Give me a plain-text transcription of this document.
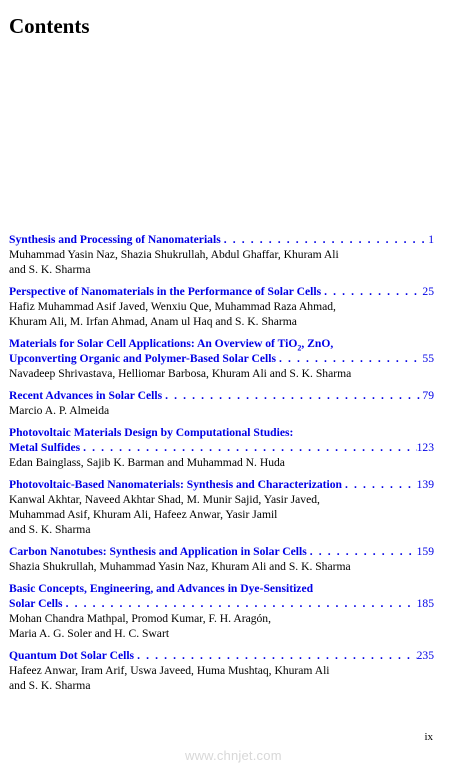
Contents
Synthesis and Processing of Nanomaterials . . .	1
Muhammad Yasin Naz, Shazia Shukrullah, Abdul Ghaffar, Khuram Ali
and S. K. Sharma
Perspective of Nanomaterials in the Performance of Solar Cells . . .	25
Hafiz Muhammad Asif Javed, Wenxiu Que, Muhammad Raza Ahmad,
Khuram Ali, M. Irfan Ahmad, Anam ul Haq and S. K. Sharma
Materials for Solar Cell Applications: An Overview of TiO$_2$, ZnO,
Upconverting Organic and Polymer-Based Solar Cells . . .	55
Navadeep Shrivastava, Helliomar Barbosa, Khuram Ali and S. K. Sharma
Recent Advances in Solar Cells . . .	79
Marcio A. P. Almeida
Photovoltaic Materials Design by Computational Studies:
Metal Sulfides . . .	123
Edan Bainglass, Sajib K. Barman and Muhammad N. Huda
Photovoltaic-Based Nanomaterials: Synthesis and Characterization . . .	139
Kanwal Akhtar, Naveed Akhtar Shad, M. Munir Sajid, Yasir Javed,
Muhammad Asif, Khuram Ali, Hafeez Anwar, Yasir Jamil
and S. K. Sharma
Carbon Nanotubes: Synthesis and Application in Solar Cells . . .	159
Shazia Shukrullah, Muhammad Yasin Naz, Khuram Ali and S. K. Sharma
Basic Concepts, Engineering, and Advances in Dye-Sensitized
Solar Cells . . .	185
Mohan Chandra Mathpal, Promod Kumar, F. H. Aragón,
Maria A. G. Soler and H. C. Swart
Quantum Dot Solar Cells . . .	235
Hafeez Anwar, Iram Arif, Uswa Javeed, Huma Mushtaq, Khuram Ali
and S. K. Sharma
ix
www.chnjet.com
